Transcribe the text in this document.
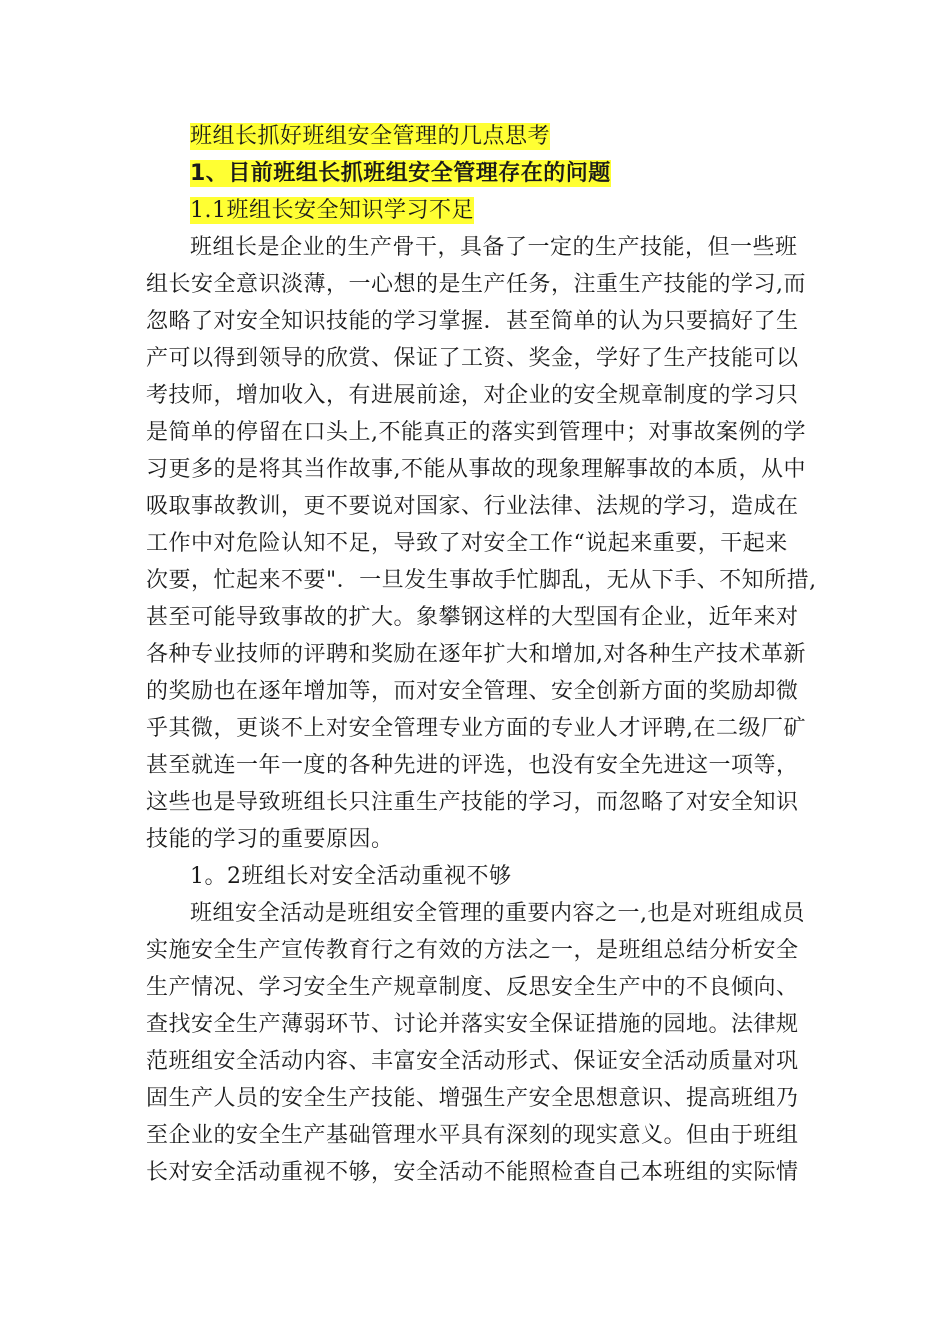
班组长抓好班组安全管理的几点思考
1、目前班组长抓班组安全管理存在的问题
1.1班组长安全知识学习不足
班组长是企业的生产骨干，具备了一定的生产技能，但一些班
组长安全意识淡薄，一心想的是生产任务，注重生产技能的学习,而
忽略了对安全知识技能的学习掌握．甚至简单的认为只要搞好了生
产可以得到领导的欣赏、保证了工资、奖金，学好了生产技能可以
考技师，增加收入，有进展前途，对企业的安全规章制度的学习只
是简单的停留在口头上,不能真正的落实到管理中；对事故案例的学
习更多的是将其当作故事,不能从事故的现象理解事故的本质，从中
吸取事故教训，更不要说对国家、行业法律、法规的学习，造成在
工作中对危险认知不足，导致了对安全工作“说起来重要，干起来
次要，忙起来不要"．一旦发生事故手忙脚乱，无从下手、不知所措,
甚至可能导致事故的扩大。象攀钢这样的大型国有企业，近年来对
各种专业技师的评聘和奖励在逐年扩大和增加,对各种生产技术革新
的奖励也在逐年增加等，而对安全管理、安全创新方面的奖励却微
乎其微，更谈不上对安全管理专业方面的专业人才评聘,在二级厂矿
甚至就连一年一度的各种先进的评选，也没有安全先进这一项等，
这些也是导致班组长只注重生产技能的学习，而忽略了对安全知识
技能的学习的重要原因。
1。2班组长对安全活动重视不够
班组安全活动是班组安全管理的重要内容之一,也是对班组成员
实施安全生产宣传教育行之有效的方法之一，是班组总结分析安全
生产情况、学习安全生产规章制度、反思安全生产中的不良倾向、
查找安全生产薄弱环节、讨论并落实安全保证措施的园地。法律规
范班组安全活动内容、丰富安全活动形式、保证安全活动质量对巩
固生产人员的安全生产技能、增强生产安全思想意识、提高班组乃
至企业的安全生产基础管理水平具有深刻的现实意义。但由于班组
长对安全活动重视不够，安全活动不能照检查自己本班组的实际情
